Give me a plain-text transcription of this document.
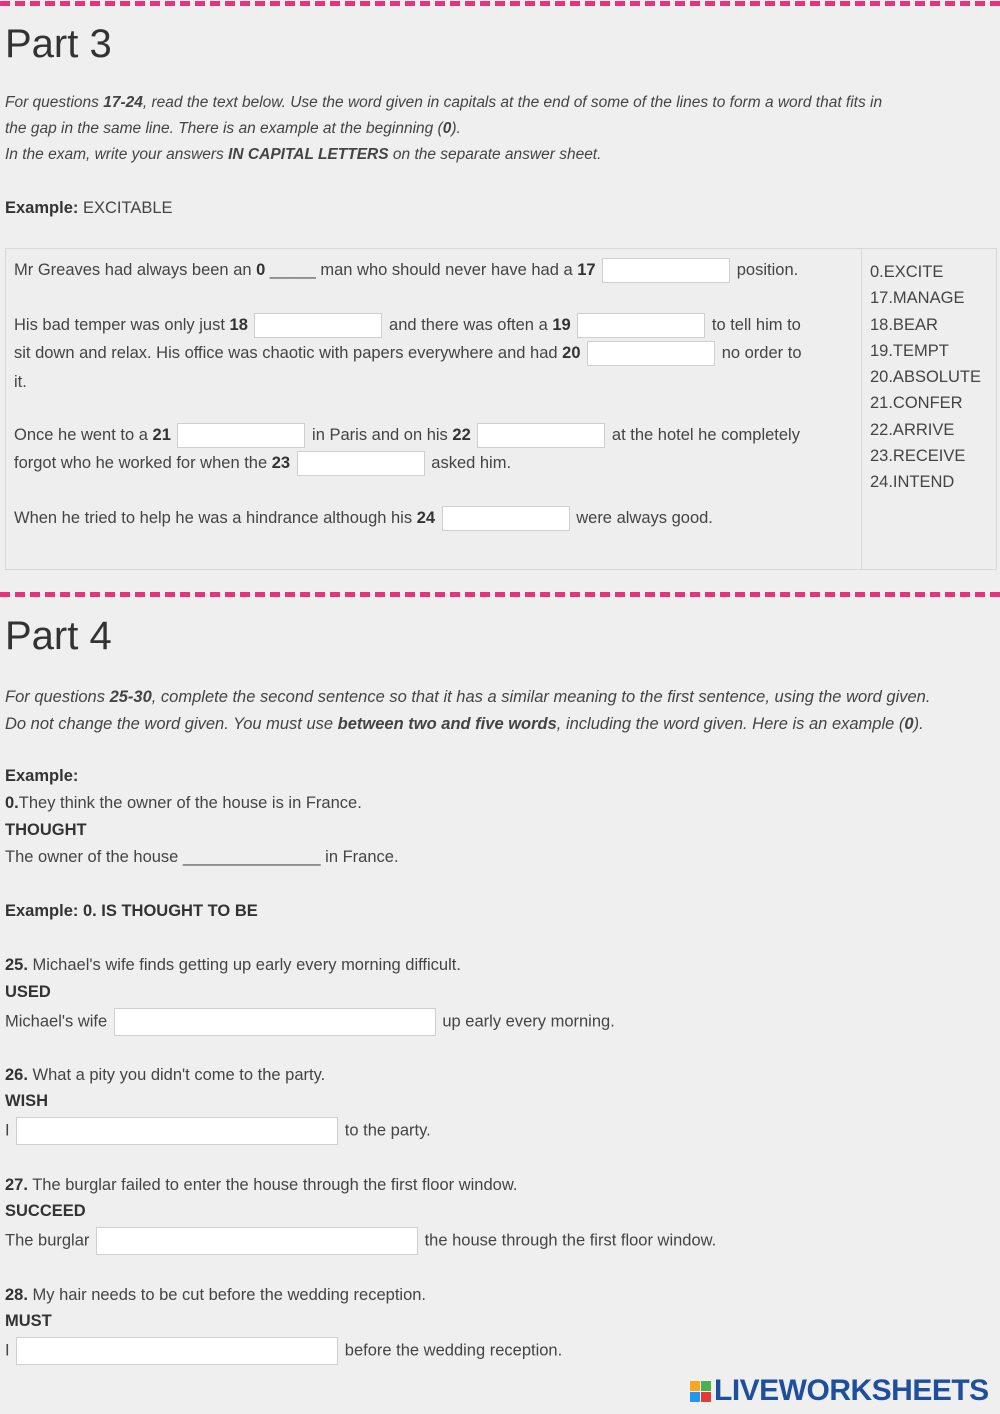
Part 3
For questions 17-24, read the text below. Use the word given in capitals at the end of some of the lines to form a word that fits in
the gap in the same line. There is an example at the beginning (0).
In the exam, write your answers IN CAPITAL LETTERS on the separate answer sheet.
Example: EXCITABLE
Mr Greaves had always been an 0 _____ man who should never have had a 17	position.
His bad temper was only just 18	and there was often a 19	to tell him to
sit down and relax. His office was chaotic with papers everywhere and had 20	no order to
it.
Once he went to a 21	in Paris and on his 22	at the hotel he completely
forgot who he worked for when the 23	asked him.
When he tried to help he was a hindrance although his 24	were always good.
0.EXCITE
17.MANAGE
18.BEAR
19.TEMPT
20.ABSOLUTE
21.CONFER
22.ARRIVE
23.RECEIVE
24.INTEND
Part 4
For questions 25-30, complete the second sentence so that it has a similar meaning to the first sentence, using the word given.
Do not change the word given. You must use between two and five words, including the word given. Here is an example (0).
Example:
0.They think the owner of the house is in France.
THOUGHT
The owner of the house _______________ in France.
Example: 0. IS THOUGHT TO BE
25. Michael's wife finds getting up early every morning difficult.
USED
Michael's wife	up early every morning.
26. What a pity you didn't come to the party.
WISH
I	to the party.
27. The burglar failed to enter the house through the first floor window.
SUCCEED
The burglar	the house through the first floor window.
28. My hair needs to be cut before the wedding reception.
MUST
I	before the wedding reception.
LIVEWORKSHEETS
